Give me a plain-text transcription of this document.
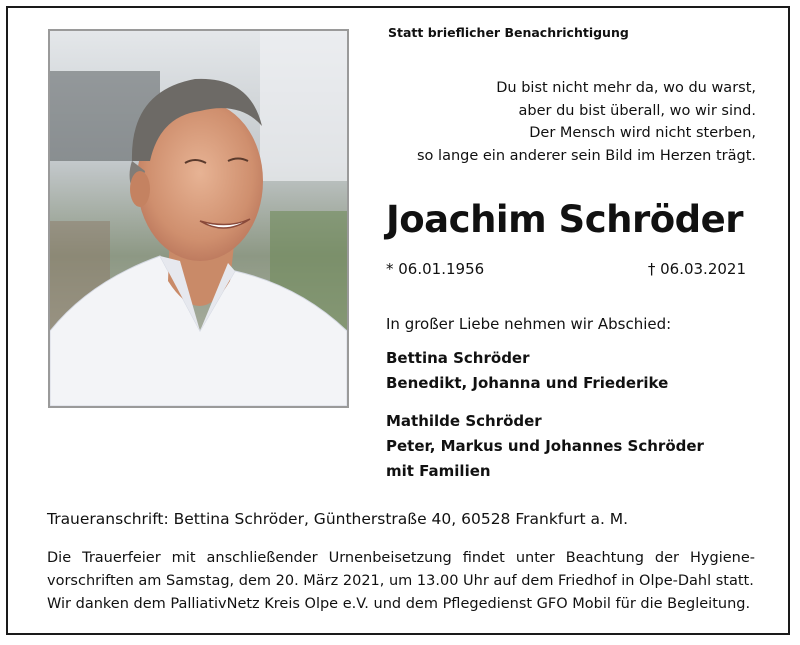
Statt brieflicher Benachrichtigung
Du bist nicht mehr da, wo du warst,
aber du bist überall, wo wir sind.
Der Mensch wird nicht sterben,
so lange ein anderer sein Bild im Herzen trägt.
Joachim Schröder
* 06.01.1956	† 06.03.2021
In großer Liebe nehmen wir Abschied:
Bettina Schröder
Benedikt, Johanna und Friederike
Mathilde Schröder
Peter, Markus und Johannes Schröder
mit Familien
Traueranschrift: Bettina Schröder, Güntherstraße 40, 60528 Frankfurt a. M.
Die Trauerfeier mit anschließender Urnenbeisetzung findet unter Beachtung der Hygiene-
vorschriften am Samstag, dem 20. März 2021, um 13.00 Uhr auf dem Friedhof in Olpe-Dahl statt.
Wir danken dem PalliativNetz Kreis Olpe e.V. und dem Pflegedienst GFO Mobil für die Begleitung.
